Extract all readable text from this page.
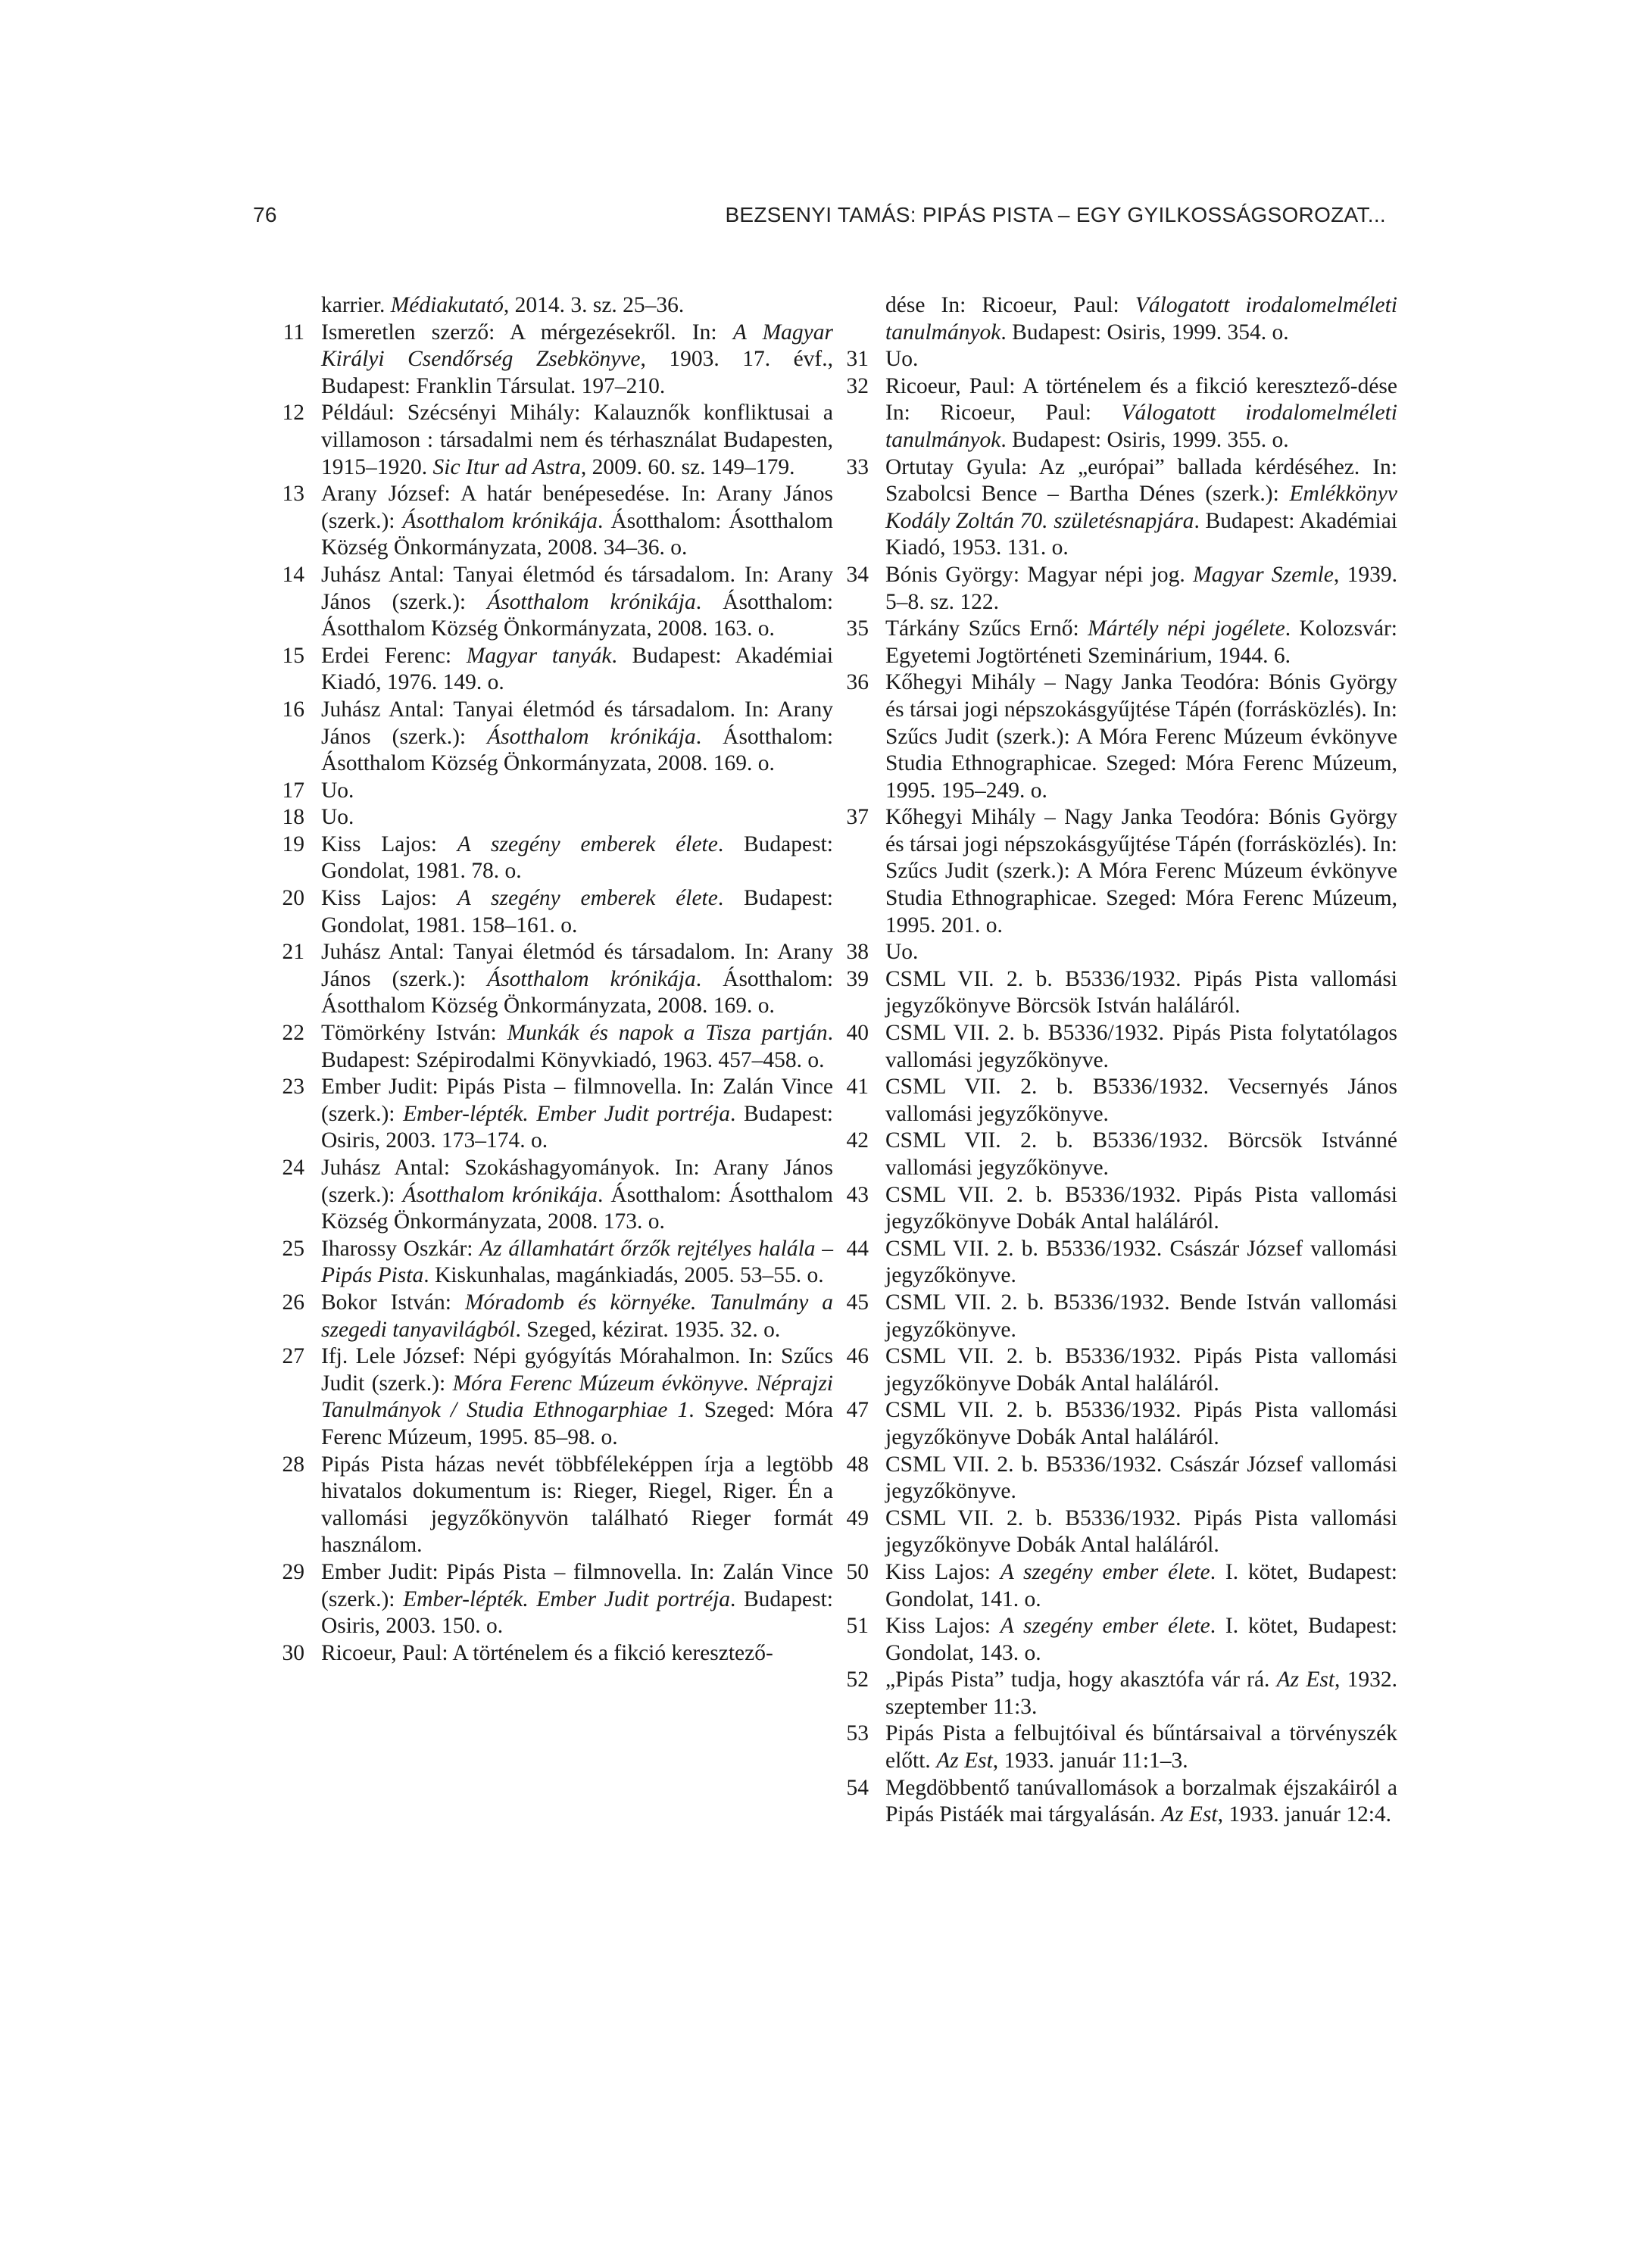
76	BEZSENYI TAMÁS: PIPÁS PISTA – EGY GYILKOSSÁGSOROZAT...
karrier. Médiakutató, 2014. 3. sz. 25–36.
11 Ismeretlen szerző: A mérgezésekről. In: A Magyar Királyi Csendőrség Zsebkönyve, 1903. 17. évf., Budapest: Franklin Társulat. 197–210.
12 Például: Szécsényi Mihály: Kalauznők konfliktusai a villamoson : társadalmi nem és térhasználat Budapesten, 1915–1920. Sic Itur ad Astra, 2009. 60. sz. 149–179.
13 Arany József: A határ benépesedése. In: Arany János (szerk.): Ásotthalom krónikája. Ásotthalom: Ásotthalom Község Önkormányzata, 2008. 34–36. o.
14 Juhász Antal: Tanyai életmód és társadalom. In: Arany János (szerk.): Ásotthalom krónikája. Ásotthalom: Ásotthalom Község Önkormányzata, 2008. 163. o.
15 Erdei Ferenc: Magyar tanyák. Budapest: Akadémiai Kiadó, 1976. 149. o.
16 Juhász Antal: Tanyai életmód és társadalom. In: Arany János (szerk.): Ásotthalom krónikája. Ásotthalom: Ásotthalom Község Önkormányzata, 2008. 169. o.
17 Uo.
18 Uo.
19 Kiss Lajos: A szegény emberek élete. Budapest: Gondolat, 1981. 78. o.
20 Kiss Lajos: A szegény emberek élete. Budapest: Gondolat, 1981. 158–161. o.
21 Juhász Antal: Tanyai életmód és társadalom. In: Arany János (szerk.): Ásotthalom krónikája. Ásotthalom: Ásotthalom Község Önkormányzata, 2008. 169. o.
22 Tömörkény István: Munkák és napok a Tisza partján. Budapest: Szépirodalmi Könyvkiadó, 1963. 457–458. o.
23 Ember Judit: Pipás Pista – filmnovella. In: Zalán Vince (szerk.): Ember-lépték. Ember Judit portréja. Budapest: Osiris, 2003. 173–174. o.
24 Juhász Antal: Szokáshagyományok. In: Arany János (szerk.): Ásotthalom krónikája. Ásotthalom: Ásotthalom Község Önkormányzata, 2008. 173. o.
25 Iharossy Oszkár: Az államhatárt őrzők rejtélyes halála – Pipás Pista. Kiskunhalas, magánkiadás, 2005. 53–55. o.
26 Bokor István: Móradomb és környéke. Tanulmány a szegedi tanyavilágból. Szeged, kézirat. 1935. 32. o.
27 Ifj. Lele József: Népi gyógyítás Mórahalmon. In: Szűcs Judit (szerk.): Móra Ferenc Múzeum évkönyve. Néprajzi Tanulmányok / Studia Ethnogarphiae 1. Szeged: Móra Ferenc Múzeum, 1995. 85–98. o.
28 Pipás Pista házas nevét többféleképpen írja a legtöbb hivatalos dokumentum is: Rieger, Riegel, Riger. Én a vallomási jegyzőkönyvön található Rieger formát használom.
29 Ember Judit: Pipás Pista – filmnovella. In: Zalán Vince (szerk.): Ember-lépték. Ember Judit portréja. Budapest: Osiris, 2003. 150. o.
30 Ricoeur, Paul: A történelem és a fikció keresztező-
dése In: Ricoeur, Paul: Válogatott irodalomelméleti tanulmányok. Budapest: Osiris, 1999. 354. o.
31 Uo.
32 Ricoeur, Paul: A történelem és a fikció keresztező-dése In: Ricoeur, Paul: Válogatott irodalomelméleti tanulmányok. Budapest: Osiris, 1999. 355. o.
33 Ortutay Gyula: Az „európai” ballada kérdéséhez. In: Szabolcsi Bence – Bartha Dénes (szerk.): Emlékkönyv Kodály Zoltán 70. születésnapjára. Budapest: Akadémiai Kiadó, 1953. 131. o.
34 Bónis György: Magyar népi jog. Magyar Szemle, 1939. 5–8. sz. 122.
35 Tárkány Szűcs Ernő: Mártély népi jogélete. Kolozsvár: Egyetemi Jogtörténeti Szeminárium, 1944. 6.
36 Kőhegyi Mihály – Nagy Janka Teodóra: Bónis György és társai jogi népszokásgyűjtése Tápén (forrásközlés). In: Szűcs Judit (szerk.): A Móra Ferenc Múzeum évkönyve Studia Ethnographicae. Szeged: Móra Ferenc Múzeum, 1995. 195–249. o.
37 Kőhegyi Mihály – Nagy Janka Teodóra: Bónis György és társai jogi népszokásgyűjtése Tápén (forrásközlés). In: Szűcs Judit (szerk.): A Móra Ferenc Múzeum évkönyve Studia Ethnographicae. Szeged: Móra Ferenc Múzeum, 1995. 201. o.
38 Uo.
39 CSML VII. 2. b. B5336/1932. Pipás Pista vallomási jegyzőkönyve Börcsök István haláláról.
40 CSML VII. 2. b. B5336/1932. Pipás Pista folytatólagos vallomási jegyzőkönyve.
41 CSML VII. 2. b. B5336/1932. Vecsernyés János vallomási jegyzőkönyve.
42 CSML VII. 2. b. B5336/1932. Börcsök Istvánné vallomási jegyzőkönyve.
43 CSML VII. 2. b. B5336/1932. Pipás Pista vallomási jegyzőkönyve Dobák Antal haláláról.
44 CSML VII. 2. b. B5336/1932. Császár József vallomási jegyzőkönyve.
45 CSML VII. 2. b. B5336/1932. Bende István vallomási jegyzőkönyve.
46 CSML VII. 2. b. B5336/1932. Pipás Pista vallomási jegyzőkönyve Dobák Antal haláláról.
47 CSML VII. 2. b. B5336/1932. Pipás Pista vallomási jegyzőkönyve Dobák Antal haláláról.
48 CSML VII. 2. b. B5336/1932. Császár József vallomási jegyzőkönyve.
49 CSML VII. 2. b. B5336/1932. Pipás Pista vallomási jegyzőkönyve Dobák Antal haláláról.
50 Kiss Lajos: A szegény ember élete. I. kötet, Budapest: Gondolat, 141. o.
51 Kiss Lajos: A szegény ember élete. I. kötet, Budapest: Gondolat, 143. o.
52 „Pipás Pista” tudja, hogy akasztófa vár rá. Az Est, 1932. szeptember 11:3.
53 Pipás Pista a felbujtóival és bűntársaival a törvényszék előtt. Az Est, 1933. január 11:1–3.
54 Megdöbbentő tanúvallomások a borzalmak éjszakáiról a Pipás Pistáék mai tárgyalásán. Az Est, 1933. január 12:4.
